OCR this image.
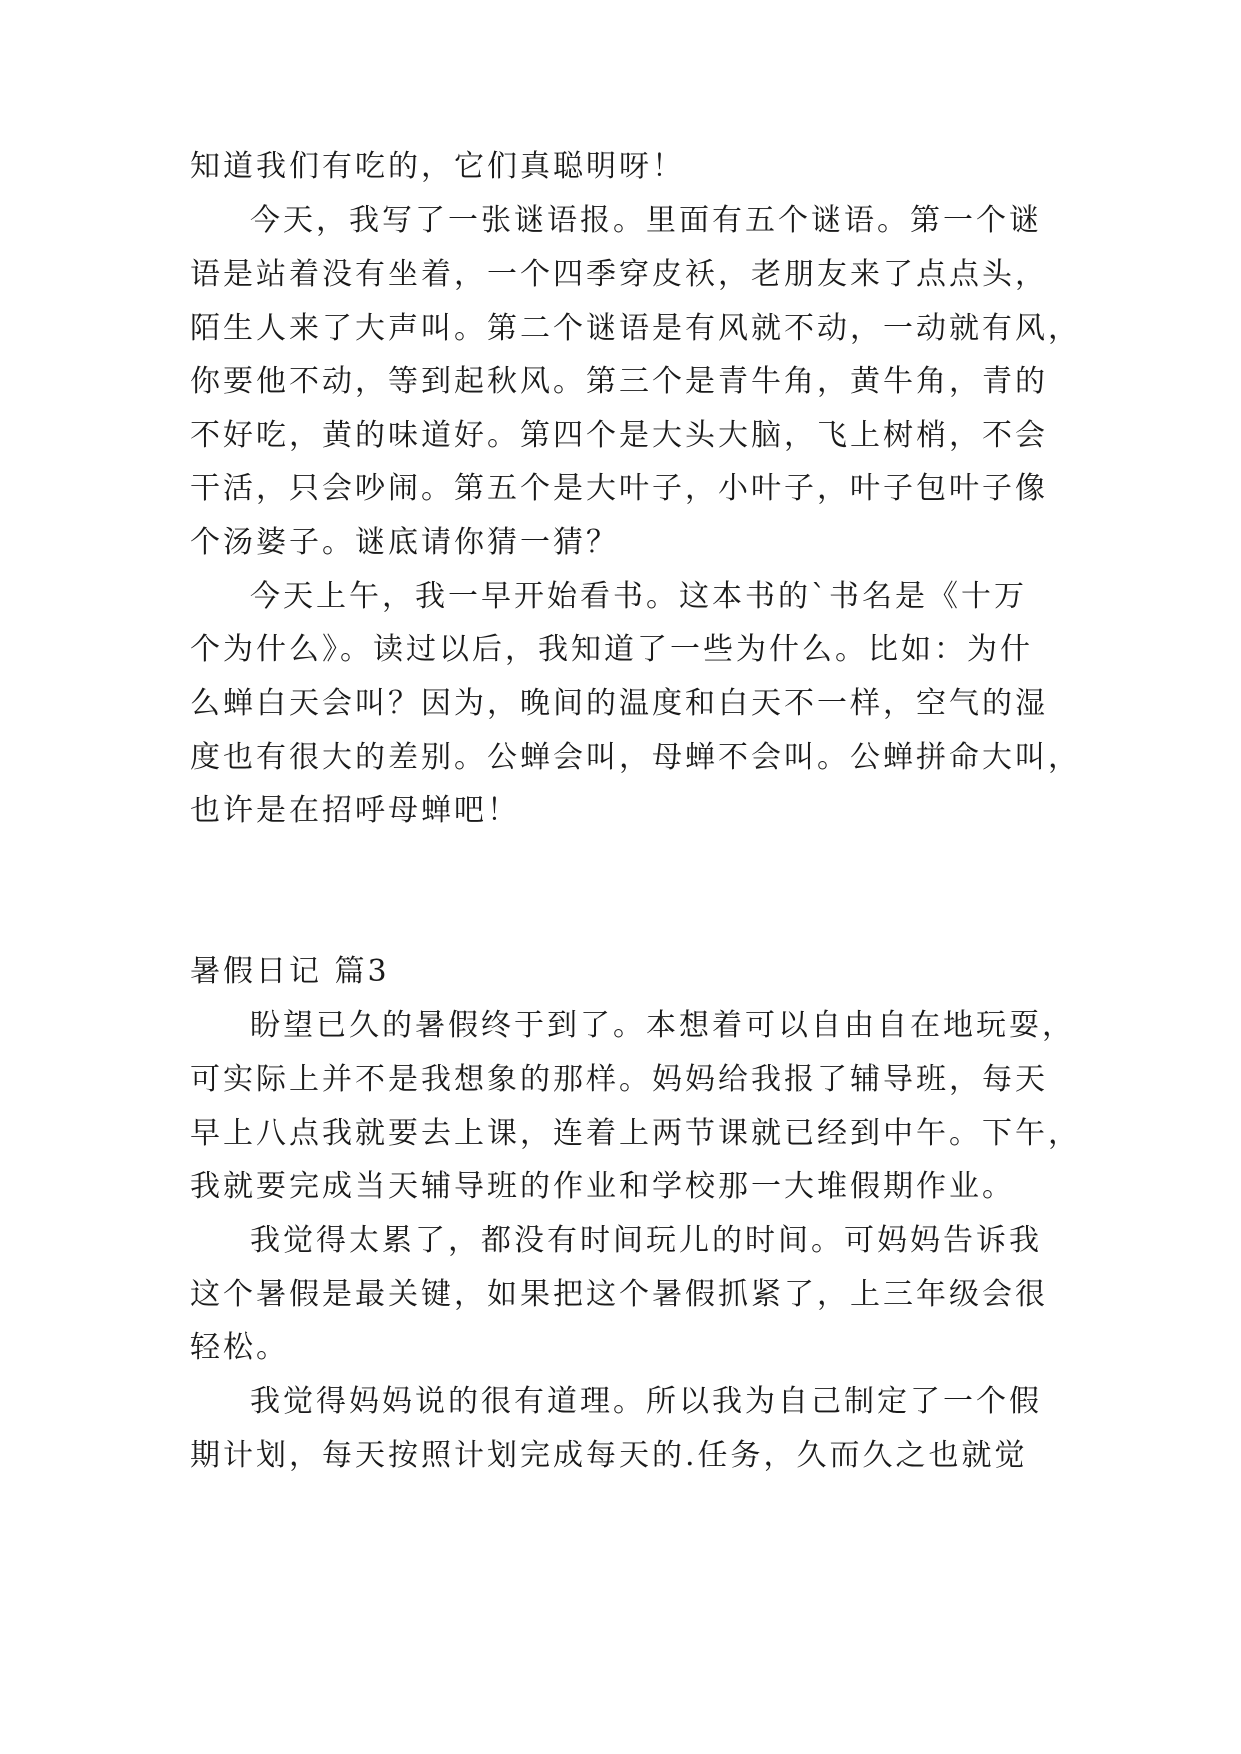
知道我们有吃的，它们真聪明呀！
今天，我写了一张谜语报。里面有五个谜语。第一个谜
语是站着没有坐着，一个四季穿皮袄，老朋友来了点点头，
陌生人来了大声叫。第二个谜语是有风就不动，一动就有风，
你要他不动，等到起秋风。第三个是青牛角，黄牛角，青的
不好吃，黄的味道好。第四个是大头大脑，飞上树梢，不会
干活，只会吵闹。第五个是大叶子，小叶子，叶子包叶子像
个汤婆子。谜底请你猜一猜？
今天上午，我一早开始看书。这本书的`书名是《十万
个为什么》。读过以后，我知道了一些为什么。比如：为什
么蝉白天会叫？因为，晚间的温度和白天不一样，空气的湿
度也有很大的差别。公蝉会叫，母蝉不会叫。公蝉拼命大叫，
也许是在招呼母蝉吧！
暑假日记 篇3
盼望已久的暑假终于到了。本想着可以自由自在地玩耍，
可实际上并不是我想象的那样。妈妈给我报了辅导班，每天
早上八点我就要去上课，连着上两节课就已经到中午。下午，
我就要完成当天辅导班的作业和学校那一大堆假期作业。
我觉得太累了，都没有时间玩儿的时间。可妈妈告诉我
这个暑假是最关键，如果把这个暑假抓紧了，上三年级会很
轻松。
我觉得妈妈说的很有道理。所以我为自己制定了一个假
期计划，每天按照计划完成每天的.任务，久而久之也就觉
